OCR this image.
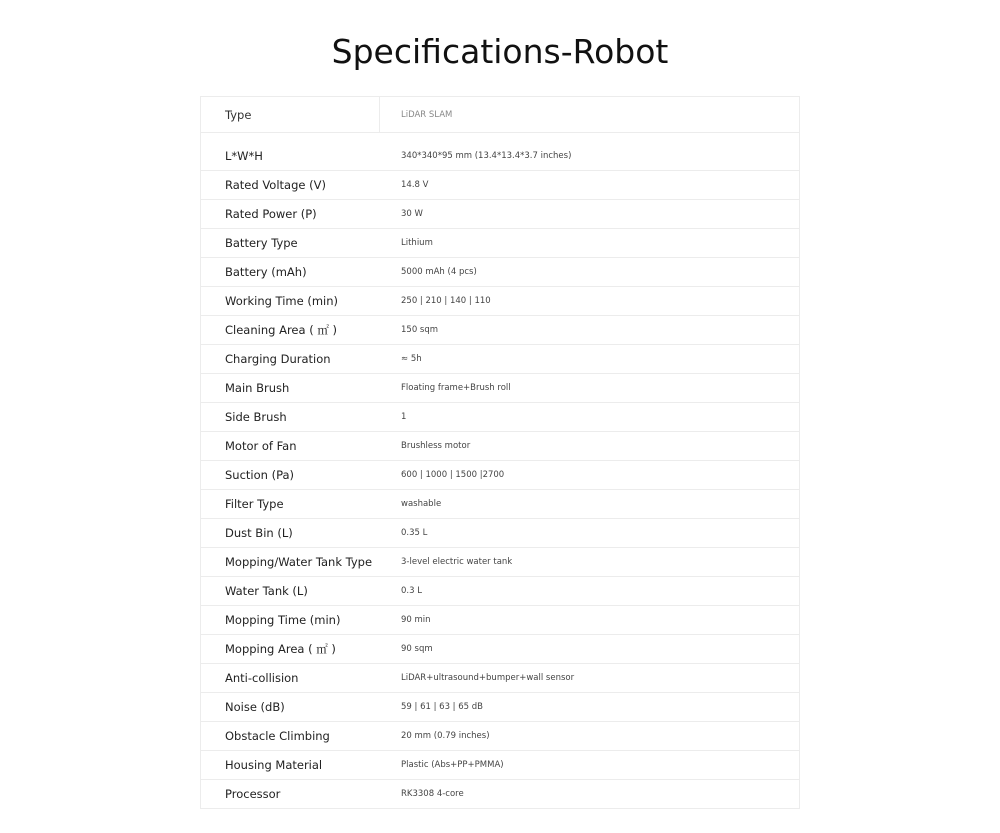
Specifications-Robot
Type	LiDAR SLAM
L*W*H	340*340*95 mm (13.4*13.4*3.7 inches)
Rated Voltage (V)	14.8 V
Rated Power (P)	30 W
Battery Type	Lithium
Battery (mAh)	5000 mAh (4 pcs)
Working Time (min)	250 | 210 | 140 | 110
Cleaning Area ( ㎡ )	150 sqm
Charging Duration	≈ 5h
Main Brush	Floating frame+Brush roll
Side Brush	1
Motor of Fan	Brushless motor
Suction (Pa)	600 | 1000 | 1500 |2700
Filter Type	washable
Dust Bin (L)	0.35 L
Mopping/Water Tank Type	3-level electric water tank
Water Tank (L)	0.3 L
Mopping Time (min)	90 min
Mopping Area ( ㎡ )	90 sqm
Anti-collision	LiDAR+ultrasound+bumper+wall sensor
Noise (dB)	59 | 61 | 63 | 65 dB
Obstacle Climbing	20 mm (0.79 inches)
Housing Material	Plastic (Abs+PP+PMMA)
Processor	RK3308 4-core
